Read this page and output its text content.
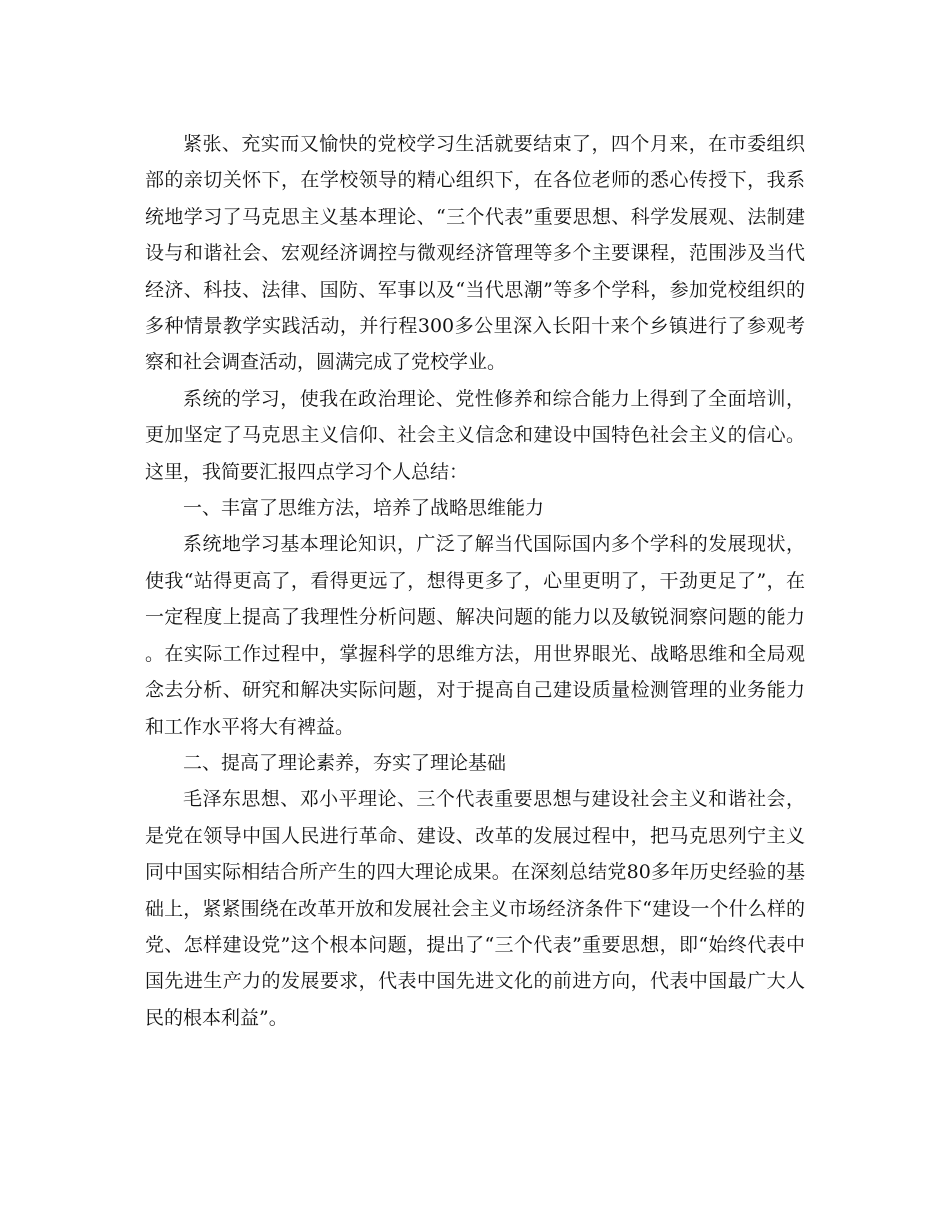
紧张、充实而又愉快的党校学习生活就要结束了，四个月来，在市委组织部的亲切关怀下，在学校领导的精心组织下，在各位老师的悉心传授下，我系统地学习了马克思主义基本理论、“三个代表”重要思想、科学发展观、法制建设与和谐社会、宏观经济调控与微观经济管理等多个主要课程，范围涉及当代经济、科技、法律、国防、军事以及“当代思潮”等多个学科，参加党校组织的多种情景教学实践活动，并行程300多公里深入长阳十来个乡镇进行了参观考察和社会调查活动，圆满完成了党校学业。

系统的学习，使我在政治理论、党性修养和综合能力上得到了全面培训，更加坚定了马克思主义信仰、社会主义信念和建设中国特色社会主义的信心。这里，我简要汇报四点学习个人总结：

一、丰富了思维方法，培养了战略思维能力

系统地学习基本理论知识，广泛了解当代国际国内多个学科的发展现状，使我“站得更高了，看得更远了，想得更多了，心里更明了，干劲更足了”，在一定程度上提高了我理性分析问题、解决问题的能力以及敏锐洞察问题的能力。在实际工作过程中，掌握科学的思维方法，用世界眼光、战略思维和全局观念去分析、研究和解决实际问题，对于提高自己建设质量检测管理的业务能力和工作水平将大有裨益。

二、提高了理论素养，夯实了理论基础

毛泽东思想、邓小平理论、三个代表重要思想与建设社会主义和谐社会，是党在领导中国人民进行革命、建设、改革的发展过程中，把马克思列宁主义同中国实际相结合所产生的四大理论成果。在深刻总结党80多年历史经验的基础上，紧紧围绕在改革开放和发展社会主义市场经济条件下“建设一个什么样的党、怎样建设党”这个根本问题，提出了“三个代表”重要思想，即“始终代表中国先进生产力的发展要求，代表中国先进文化的前进方向，代表中国最广大人民的根本利益”。
